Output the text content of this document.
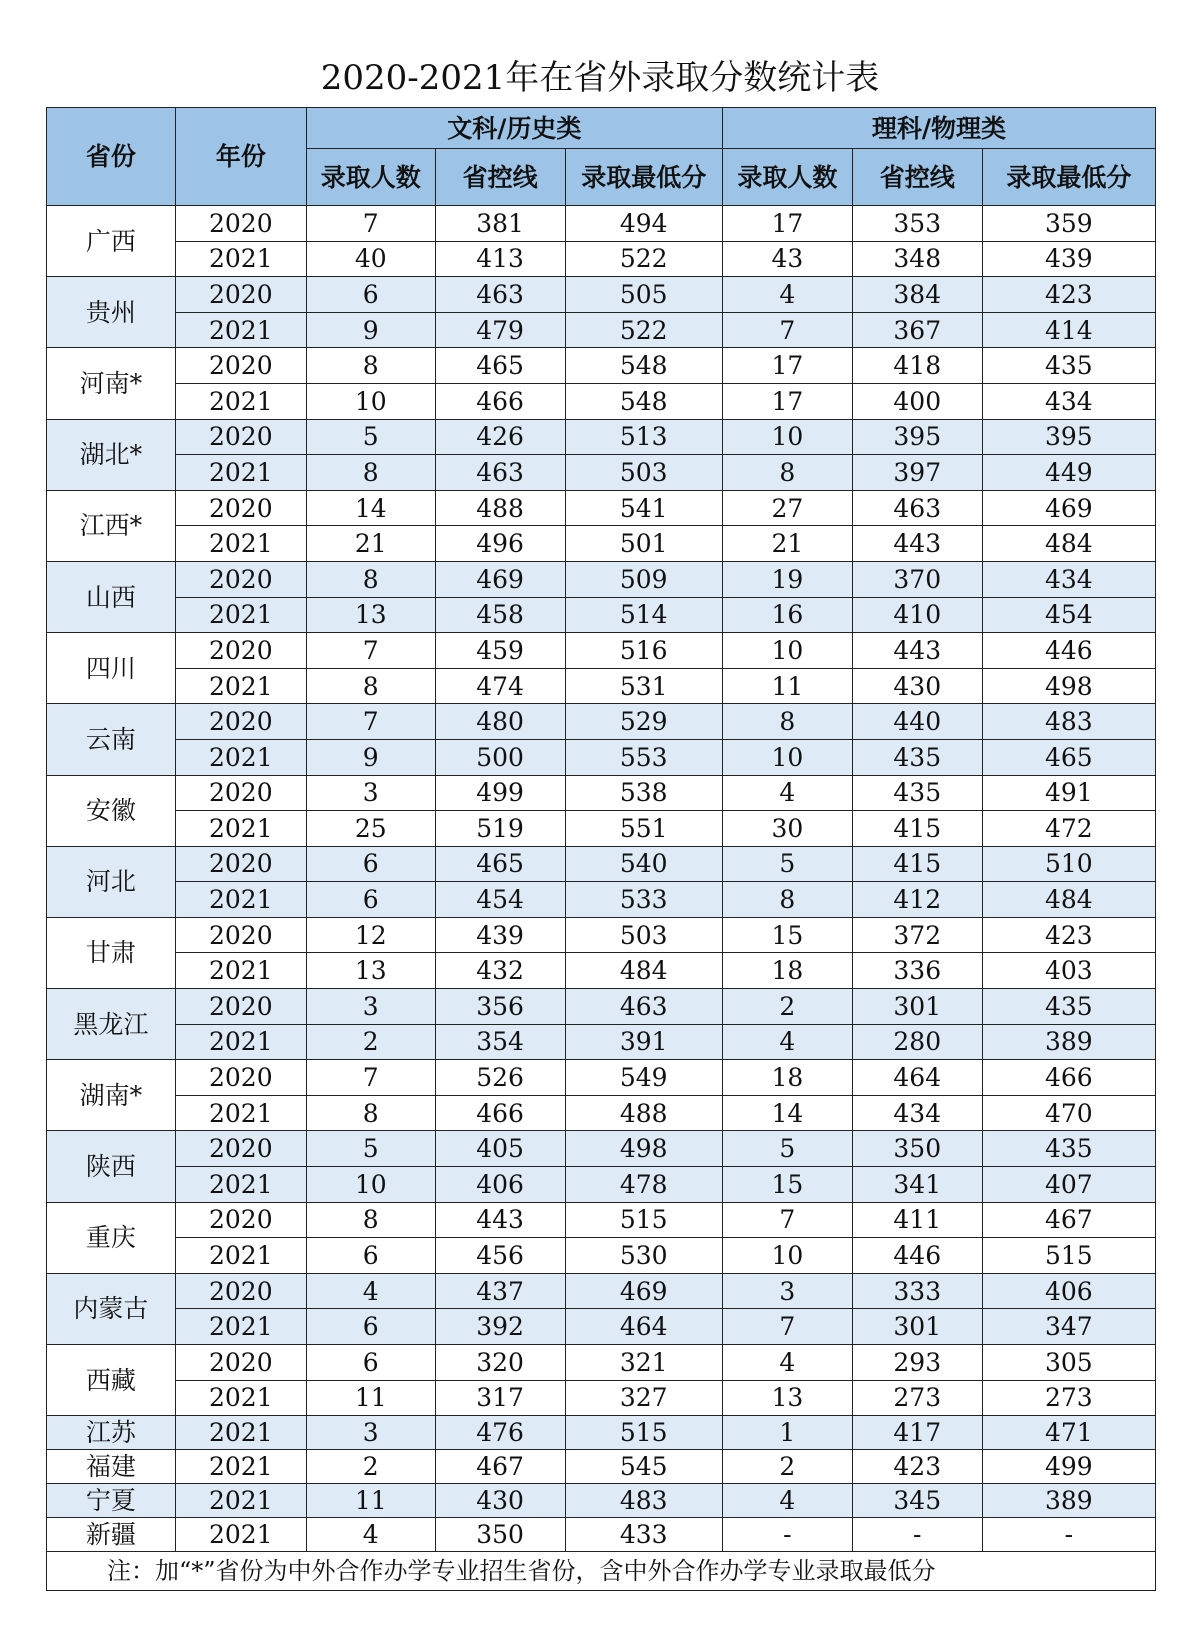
2020-2021年在省外录取分数统计表
省份	年份	文科/历史类			理科/物理类		
		录取人数	省控线	录取最低分	录取人数	省控线	录取最低分
广西	2020	7	381	494	17	353	359
	2021	40	413	522	43	348	439
贵州	2020	6	463	505	4	384	423
	2021	9	479	522	7	367	414
河南*	2020	8	465	548	17	418	435
	2021	10	466	548	17	400	434
湖北*	2020	5	426	513	10	395	395
	2021	8	463	503	8	397	449
江西*	2020	14	488	541	27	463	469
	2021	21	496	501	21	443	484
山西	2020	8	469	509	19	370	434
	2021	13	458	514	16	410	454
四川	2020	7	459	516	10	443	446
	2021	8	474	531	11	430	498
云南	2020	7	480	529	8	440	483
	2021	9	500	553	10	435	465
安徽	2020	3	499	538	4	435	491
	2021	25	519	551	30	415	472
河北	2020	6	465	540	5	415	510
	2021	6	454	533	8	412	484
甘肃	2020	12	439	503	15	372	423
	2021	13	432	484	18	336	403
黑龙江	2020	3	356	463	2	301	435
	2021	2	354	391	4	280	389
湖南*	2020	7	526	549	18	464	466
	2021	8	466	488	14	434	470
陕西	2020	5	405	498	5	350	435
	2021	10	406	478	15	341	407
重庆	2020	8	443	515	7	411	467
	2021	6	456	530	10	446	515
内蒙古	2020	4	437	469	3	333	406
	2021	6	392	464	7	301	347
西藏	2020	6	320	321	4	293	305
	2021	11	317	327	13	273	273
江苏	2021	3	476	515	1	417	471
福建	2021	2	467	545	2	423	499
宁夏	2021	11	430	483	4	345	389
新疆	2021	4	350	433	-	-	-
注：加“*”省份为中外合作办学专业招生省份，含中外合作办学专业录取最低分							
